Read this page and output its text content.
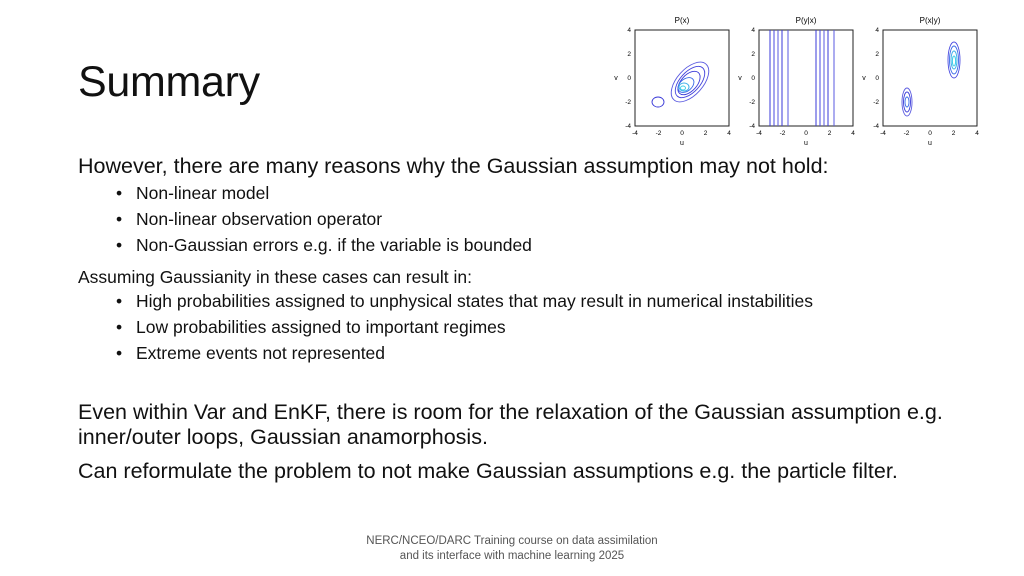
Summary
P(x)
-4
-4
-2
-2
0
0
2
2
4
4
u
v
P(y|x)
-4
-4
-2
-2
0
0
2
2
4
4
u
v
P(x|y)
-4
-4
-2
-2
0
0
2
2
4
4
u
v
However, there are many reasons why the Gaussian assumption may not hold:
• Non-linear model
• Non-linear observation operator
• Non-Gaussian errors e.g. if the variable is bounded
Assuming Gaussianity in these cases can result in:
• High probabilities assigned to unphysical states that may result in numerical instabilities
• Low probabilities assigned to important regimes
• Extreme events not represented
Even within Var and EnKF, there is room for the relaxation of the Gaussian assumption e.g. inner/outer loops, Gaussian anamorphosis.
Can reformulate the problem to not make Gaussian assumptions e.g. the particle filter.
NERC/NCEO/DARC Training course on data assimilation
and its interface with machine learning 2025
